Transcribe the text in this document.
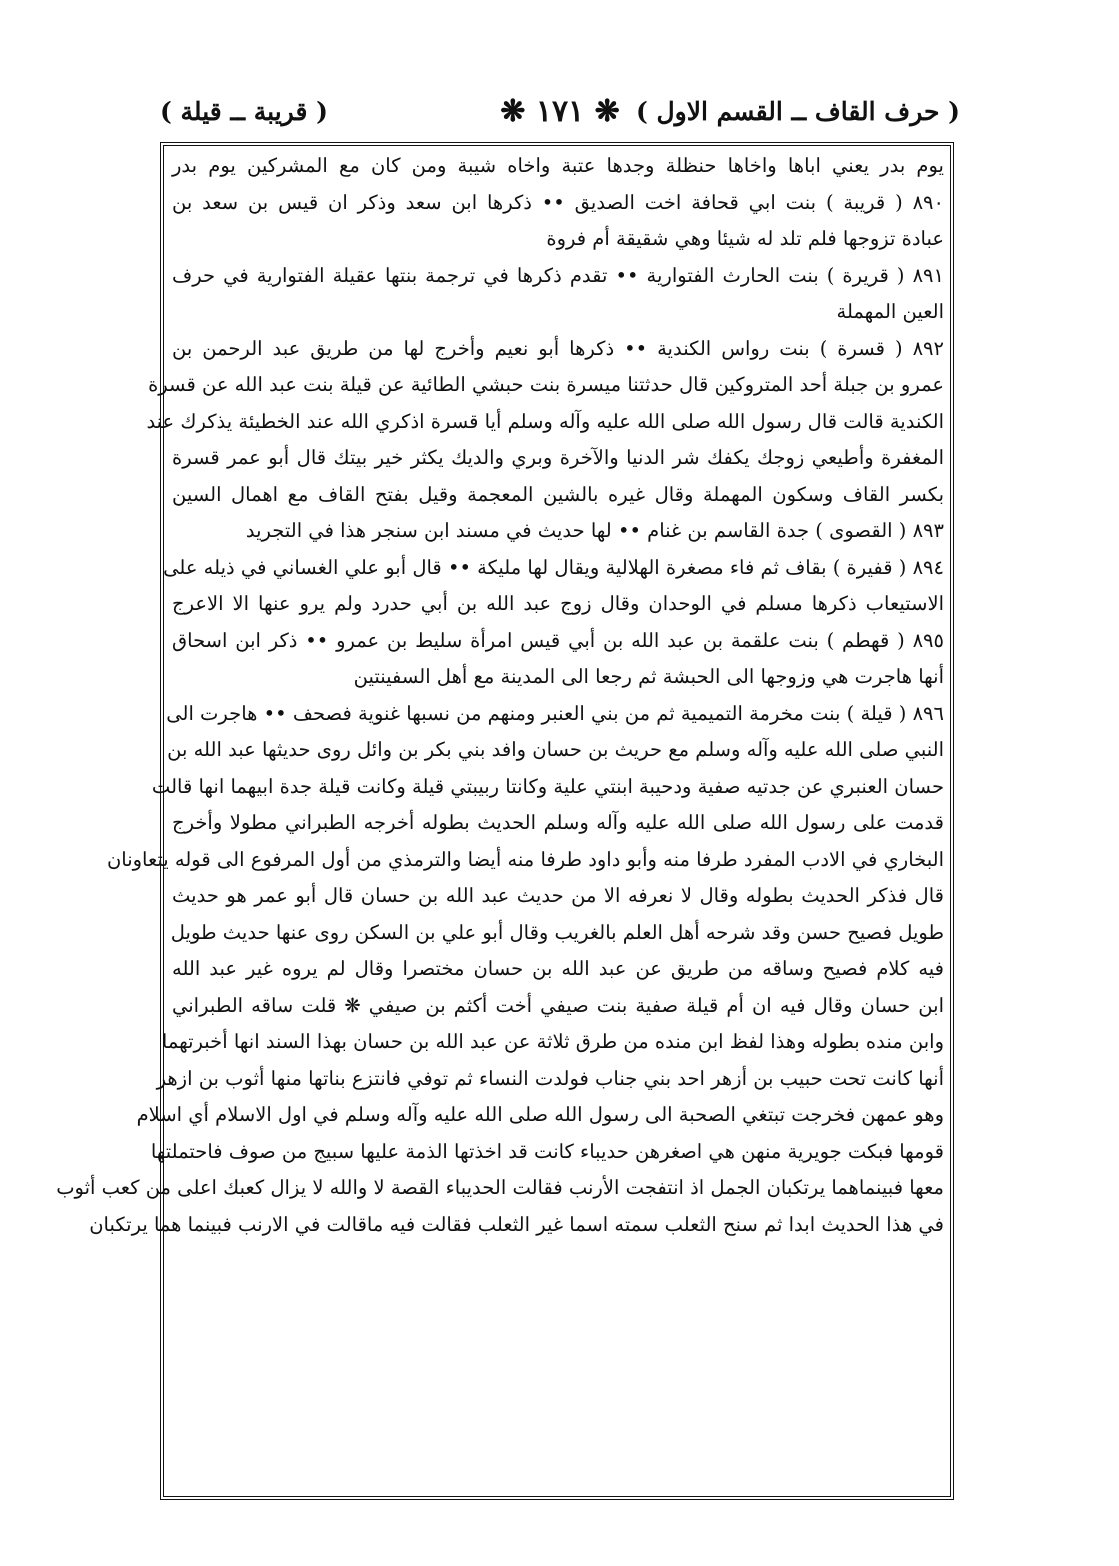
( حرف القاف ــ القسم الاول )
❋ ١٧١ ❋
( قريبة ــ قيلة )
يوم بدر يعني اباها واخاها حنظلة وجدها عتبة واخاه شيبة ومن كان مع المشركين يوم بدر
٨٩٠ ( قريبة ) بنت ابي قحافة اخت الصديق •• ذكرها ابن سعد وذكر ان قيس بن سعد بن
عبادة تزوجها فلم تلد له شيئا وهي شقيقة أم فروة
٨٩١ ( قريرة ) بنت الحارث الفتوارية •• تقدم ذكرها في ترجمة بنتها عقيلة الفتوارية في حرف
العين المهملة
٨٩٢ ( قسرة ) بنت رواس الكندية •• ذكرها أبو نعيم وأخرج لها من طريق عبد الرحمن بن
عمرو بن جبلة أحد المتروكين قال حدثتنا ميسرة بنت حبشي الطائية عن قيلة بنت عبد الله عن قسرة
الكندية قالت قال رسول الله صلى الله عليه وآله وسلم أيا قسرة اذكري الله عند الخطيئة يذكرك عند
المغفرة وأطيعي زوجك يكفك شر الدنيا والآخرة وبري والديك يكثر خير بيتك قال أبو عمر قسرة
بكسر القاف وسكون المهملة وقال غيره بالشين المعجمة وقيل بفتح القاف مع اهمال السين
٨٩٣ ( القصوى ) جدة القاسم بن غنام •• لها حديث في مسند ابن سنجر هذا في التجريد
٨٩٤ ( قفيرة ) بقاف ثم فاء مصغرة الهلالية ويقال لها مليكة •• قال أبو علي الغساني في ذيله على
الاستيعاب ذكرها مسلم في الوحدان وقال زوج عبد الله بن أبي حدرد ولم يرو عنها الا الاعرج
٨٩٥ ( قهطم ) بنت علقمة بن عبد الله بن أبي قيس امرأة سليط بن عمرو •• ذكر ابن اسحاق
أنها هاجرت هي وزوجها الى الحبشة ثم رجعا الى المدينة مع أهل السفينتين
٨٩٦ ( قيلة ) بنت مخرمة التميمية ثم من بني العنبر ومنهم من نسبها غنوية فصحف •• هاجرت الى
النبي صلى الله عليه وآله وسلم مع حريث بن حسان وافد بني بكر بن وائل روى حديثها عبد الله بن
حسان العنبري عن جدتيه صفية ودحيبة ابنتي علية وكانتا ربيبتي قيلة وكانت قيلة جدة ابيهما انها قالت
قدمت على رسول الله صلى الله عليه وآله وسلم الحديث بطوله أخرجه الطبراني مطولا وأخرج
البخاري في الادب المفرد طرفا منه وأبو داود طرفا منه أيضا والترمذي من أول المرفوع الى قوله يتعاونان
قال فذكر الحديث بطوله وقال لا نعرفه الا من حديث عبد الله بن حسان قال أبو عمر هو حديث
طويل فصيح حسن وقد شرحه أهل العلم بالغريب وقال أبو علي بن السكن روى عنها حديث طويل
فيه كلام فصيح وساقه من طريق عن عبد الله بن حسان مختصرا وقال لم يروه غير عبد الله
ابن حسان وقال فيه ان أم قيلة صفية بنت صيفي أخت أكثم بن صيفي ❋ قلت ساقه الطبراني
وابن منده بطوله وهذا لفظ ابن منده من طرق ثلاثة عن عبد الله بن حسان بهذا السند انها أخبرتهما
أنها كانت تحت حبيب بن أزهر احد بني جناب فولدت النساء ثم توفي فانتزع بناتها منها أثوب بن ازهر
وهو عمهن فخرجت تبتغي الصحبة الى رسول الله صلى الله عليه وآله وسلم في اول الاسلام أي اسلام
قومها فبكت جويرية منهن هي اصغرهن حديباء كانت قد اخذتها الذمة عليها سبيج من صوف فاحتملتها
معها فبينماهما يرتكبان الجمل اذ انتفجت الأرنب فقالت الحديباء القصة لا والله لا يزال كعبك اعلى من كعب أثوب
في هذا الحديث ابدا ثم سنح الثعلب سمته اسما غير الثعلب فقالت فيه ماقالت في الارنب فبينما هما يرتكبان
